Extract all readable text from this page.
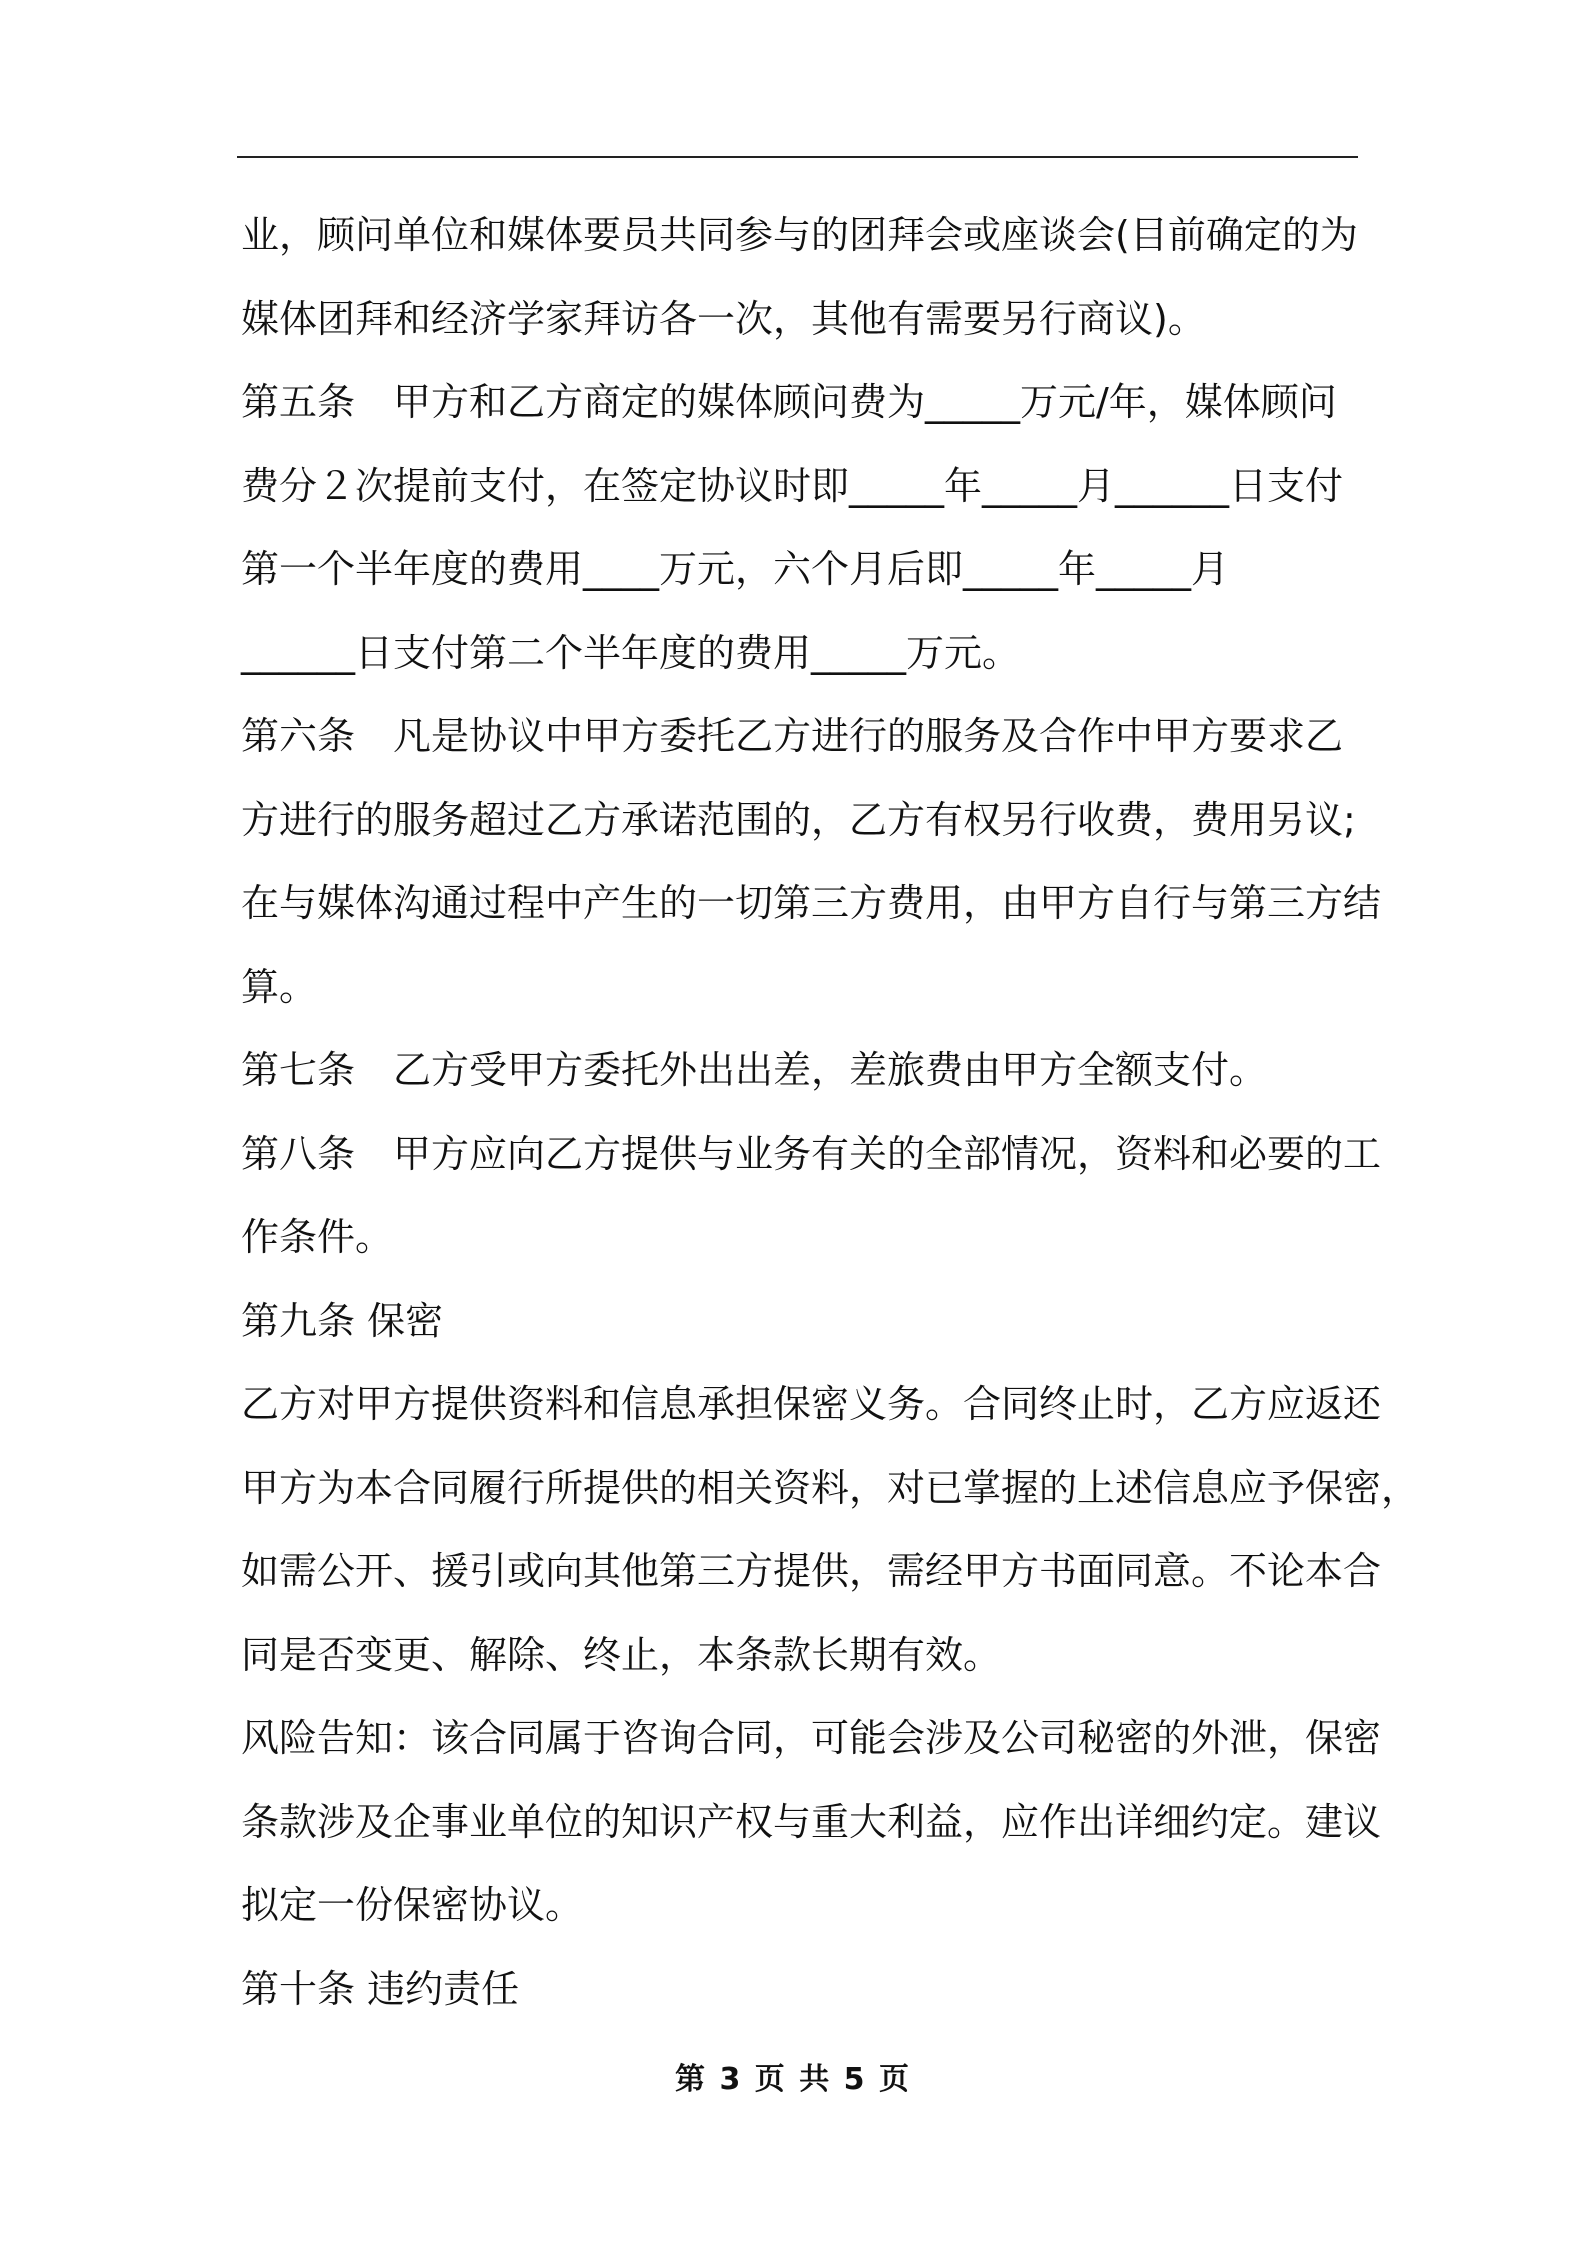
业，顾问单位和媒体要员共同参与的团拜会或座谈会(目前确定的为
媒体团拜和经济学家拜访各一次，其他有需要另行商议)。
第五条　甲方和乙方商定的媒体顾问费为_____万元/年，媒体顾问
费分２次提前支付，在签定协议时即_____年_____月______日支付
第一个半年度的费用____万元，六个月后即_____年_____月
______日支付第二个半年度的费用_____万元。
第六条　凡是协议中甲方委托乙方进行的服务及合作中甲方要求乙
方进行的服务超过乙方承诺范围的，乙方有权另行收费，费用另议;
在与媒体沟通过程中产生的一切第三方费用，由甲方自行与第三方结
算。
第七条　乙方受甲方委托外出出差，差旅费由甲方全额支付。
第八条　甲方应向乙方提供与业务有关的全部情况，资料和必要的工
作条件。
第九条 保密
乙方对甲方提供资料和信息承担保密义务。合同终止时，乙方应返还
甲方为本合同履行所提供的相关资料，对已掌握的上述信息应予保密，
如需公开、援引或向其他第三方提供，需经甲方书面同意。不论本合
同是否变更、解除、终止，本条款长期有效。
风险告知：该合同属于咨询合同，可能会涉及公司秘密的外泄，保密
条款涉及企事业单位的知识产权与重大利益，应作出详细约定。建议
拟定一份保密协议。
第十条 违约责任
第 3 页 共 5 页
